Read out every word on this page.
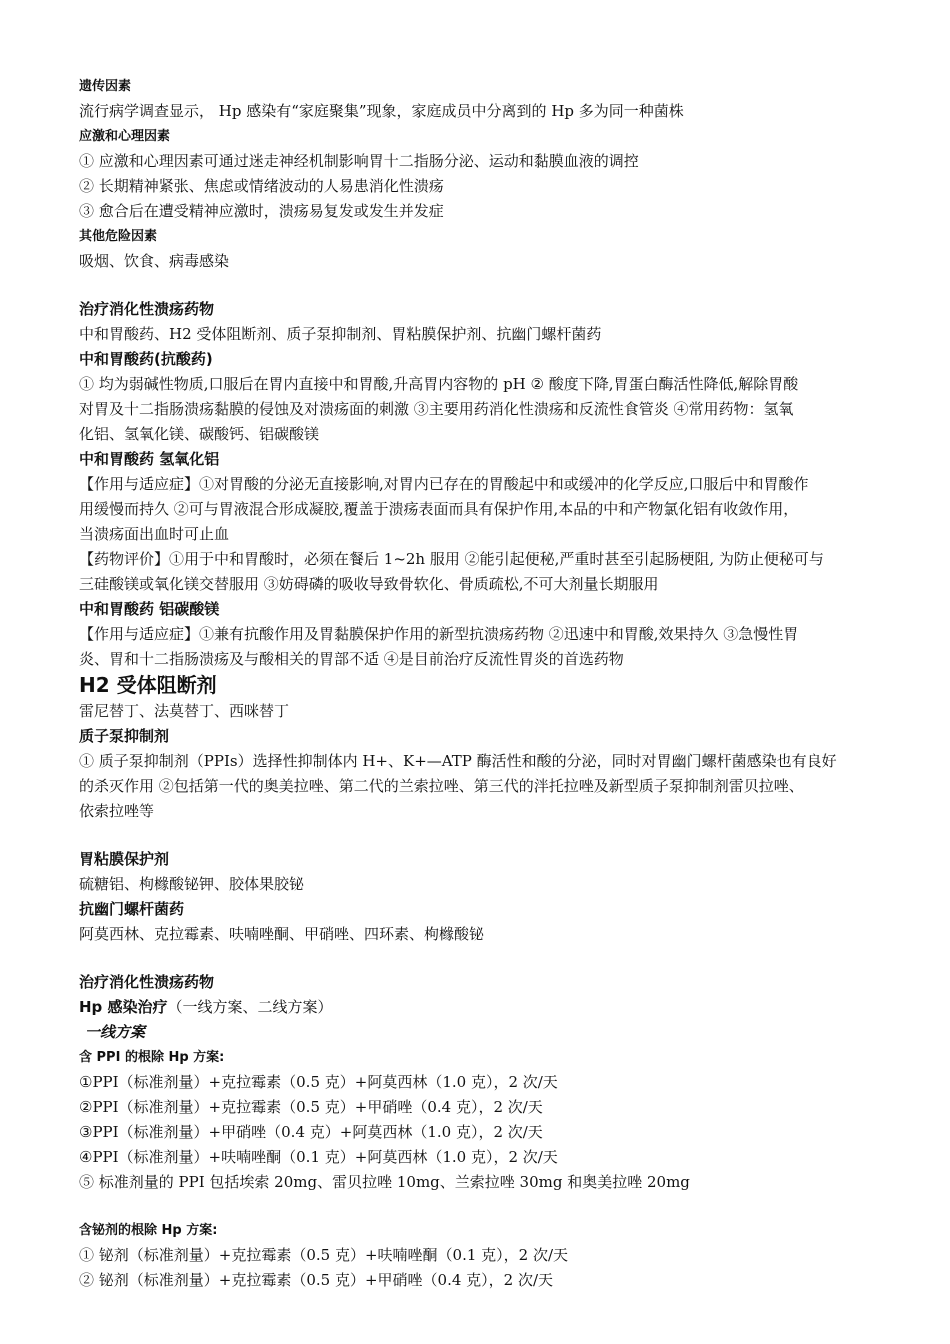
遗传因素
流行病学调查显示， Hp 感染有“家庭聚集”现象，家庭成员中分离到的 Hp 多为同一种菌株
应激和心理因素
① 应激和心理因素可通过迷走神经机制影响胃十二指肠分泌、运动和黏膜血液的调控
② 长期精神紧张、焦虑或情绪波动的人易患消化性溃疡
③ 愈合后在遭受精神应激时，溃疡易复发或发生并发症
其他危险因素
吸烟、饮食、病毒感染
治疗消化性溃疡药物
中和胃酸药、H2 受体阻断剂、质子泵抑制剂、胃粘膜保护剂、抗幽门螺杆菌药
中和胃酸药(抗酸药)
① 均为弱碱性物质,口服后在胃内直接中和胃酸,升高胃内容物的 pH ② 酸度下降,胃蛋白酶活性降低,解除胃酸
对胃及十二指肠溃疡黏膜的侵蚀及对溃疡面的刺激 ③主要用药消化性溃疡和反流性食管炎 ④常用药物：氢氧
化铝、氢氧化镁、碳酸钙、铝碳酸镁
中和胃酸药 氢氧化铝
【作用与适应症】①对胃酸的分泌无直接影响,对胃内已存在的胃酸起中和或缓冲的化学反应,口服后中和胃酸作
用缓慢而持久 ②可与胃液混合形成凝胶,覆盖于溃疡表面而具有保护作用,本品的中和产物氯化铝有收敛作用，
当溃疡面出血时可止血
【药物评价】①用于中和胃酸时，必须在餐后 1~2h 服用 ②能引起便秘,严重时甚至引起肠梗阻, 为防止便秘可与
三硅酸镁或氧化镁交替服用 ③妨碍磷的吸收导致骨软化、骨质疏松,不可大剂量长期服用
中和胃酸药 铝碳酸镁
【作用与适应症】①兼有抗酸作用及胃黏膜保护作用的新型抗溃疡药物 ②迅速中和胃酸,效果持久 ③急慢性胃
炎、胃和十二指肠溃疡及与酸相关的胃部不适 ④是目前治疗反流性胃炎的首选药物
H2 受体阻断剂
雷尼替丁、法莫替丁、西咪替丁
质子泵抑制剂
① 质子泵抑制剂（PPIs）选择性抑制体内 H+、K+—ATP 酶活性和酸的分泌，同时对胃幽门螺杆菌感染也有良好
的杀灭作用 ②包括第一代的奥美拉唑、第二代的兰索拉唑、第三代的泮托拉唑及新型质子泵抑制剂雷贝拉唑、
依索拉唑等
胃粘膜保护剂
硫糖铝、枸橼酸铋钾、胶体果胶铋
抗幽门螺杆菌药
阿莫西林、克拉霉素、呋喃唑酮、甲硝唑、四环素、枸橼酸铋
治疗消化性溃疡药物
Hp 感染治疗（一线方案、二线方案）
一线方案
含 PPI 的根除 Hp 方案:
①PPI（标准剂量）+克拉霉素（0.5 克）+阿莫西林（1.0 克），2 次/天
②PPI（标准剂量）+克拉霉素（0.5 克）+甲硝唑（0.4 克），2 次/天
③PPI（标准剂量）+甲硝唑（0.4 克）+阿莫西林（1.0 克），2 次/天
④PPI（标准剂量）+呋喃唑酮（0.1 克）+阿莫西林（1.0 克），2 次/天
⑤ 标准剂量的 PPI 包括埃索 20mg、雷贝拉唑 10mg、兰索拉唑 30mg 和奥美拉唑 20mg
含铋剂的根除 Hp 方案:
① 铋剂（标准剂量）+克拉霉素（0.5 克）+呋喃唑酮（0.1 克），2 次/天
② 铋剂（标准剂量）+克拉霉素（0.5 克）+甲硝唑（0.4 克），2 次/天
